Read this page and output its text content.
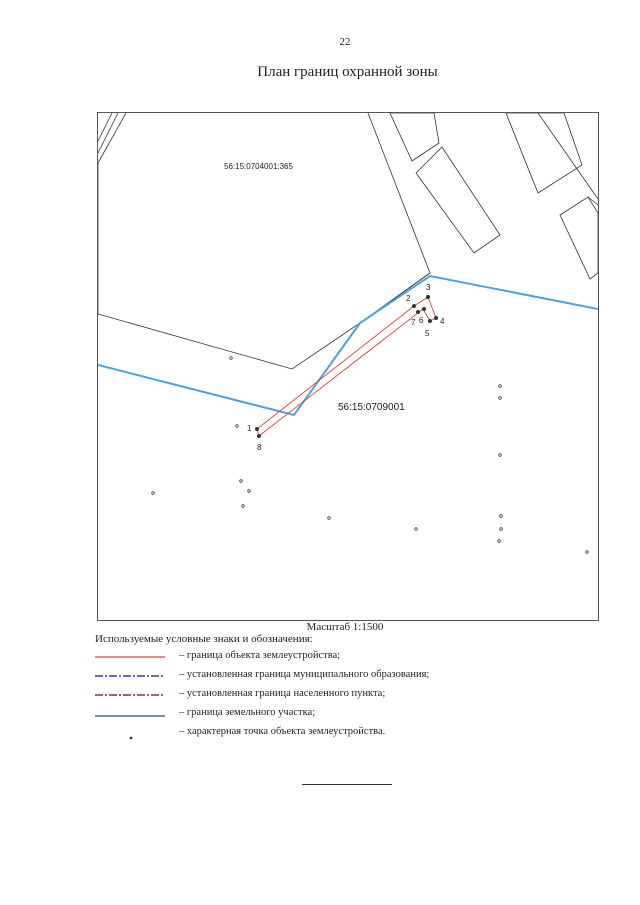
22
План границ охранной зоны
1
2
3
4
5
6
7
8
56:15:0704001:365
56:15:0709001
Масштаб 1:1500
Используемые условные знаки и обозначения:
– граница объекта землеустройства;
– установленная граница муниципального образования;
– установленная граница населенного пункта;
– граница земельного участка;
– характерная точка объекта землеустройства.
